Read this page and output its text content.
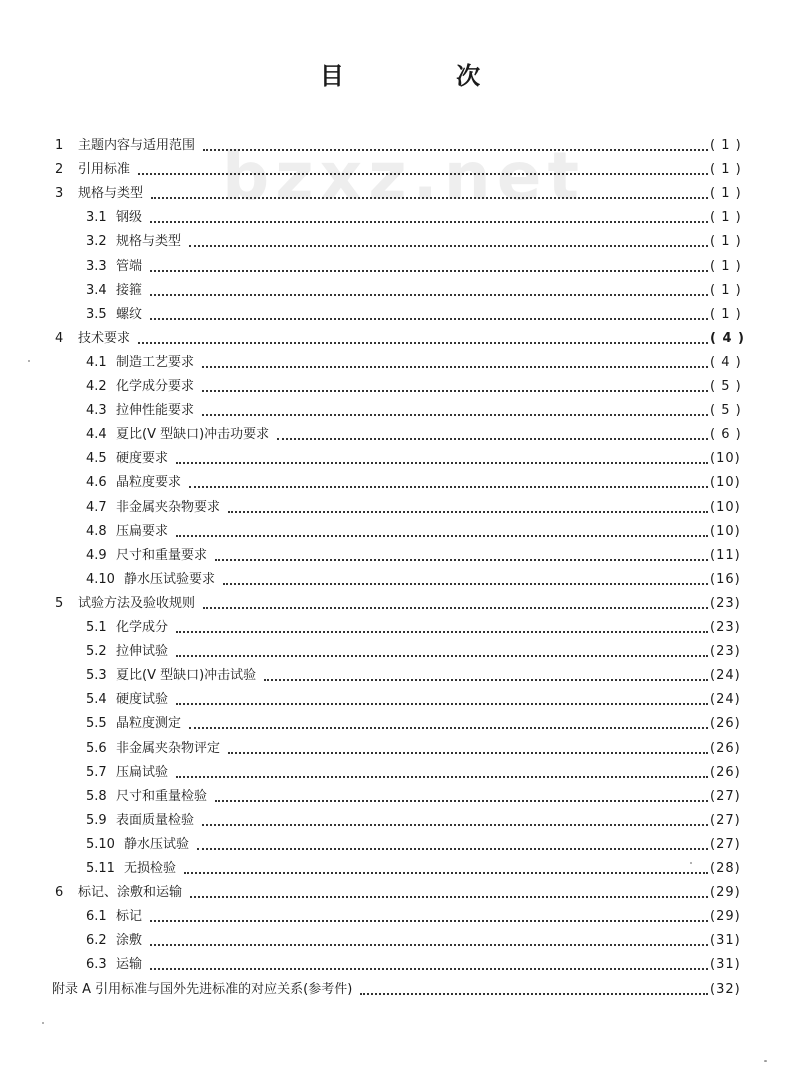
目 次
bzxz.net
1 主题内容与适用范围	( 1 )
2 引用标准	( 1 )
3 规格与类型	( 1 )
3.1 钢级	( 1 )
3.2 规格与类型	( 1 )
3.3 管端	( 1 )
3.4 接箍	( 1 )
3.5 螺纹	( 1 )
4 技术要求	( 4 )
4.1 制造工艺要求	( 4 )
4.2 化学成分要求	( 5 )
4.3 拉伸性能要求	( 5 )
4.4 夏比(V 型缺口)冲击功要求	( 6 )
4.5 硬度要求	(10)
4.6 晶粒度要求	(10)
4.7 非金属夹杂物要求	(10)
4.8 压扁要求	(10)
4.9 尺寸和重量要求	(11)
4.10 静水压试验要求	(16)
5 试验方法及验收规则	(23)
5.1 化学成分	(23)
5.2 拉伸试验	(23)
5.3 夏比(V 型缺口)冲击试验	(24)
5.4 硬度试验	(24)
5.5 晶粒度测定	(26)
5.6 非金属夹杂物评定	(26)
5.7 压扁试验	(26)
5.8 尺寸和重量检验	(27)
5.9 表面质量检验	(27)
5.10 静水压试验	(27)
5.11 无损检验	(28)
6 标记、涂敷和运输	(29)
6.1 标记	(29)
6.2 涂敷	(31)
6.3 运输	(31)
附录 A 引用标准与国外先进标准的对应关系(参考件)	(32)
